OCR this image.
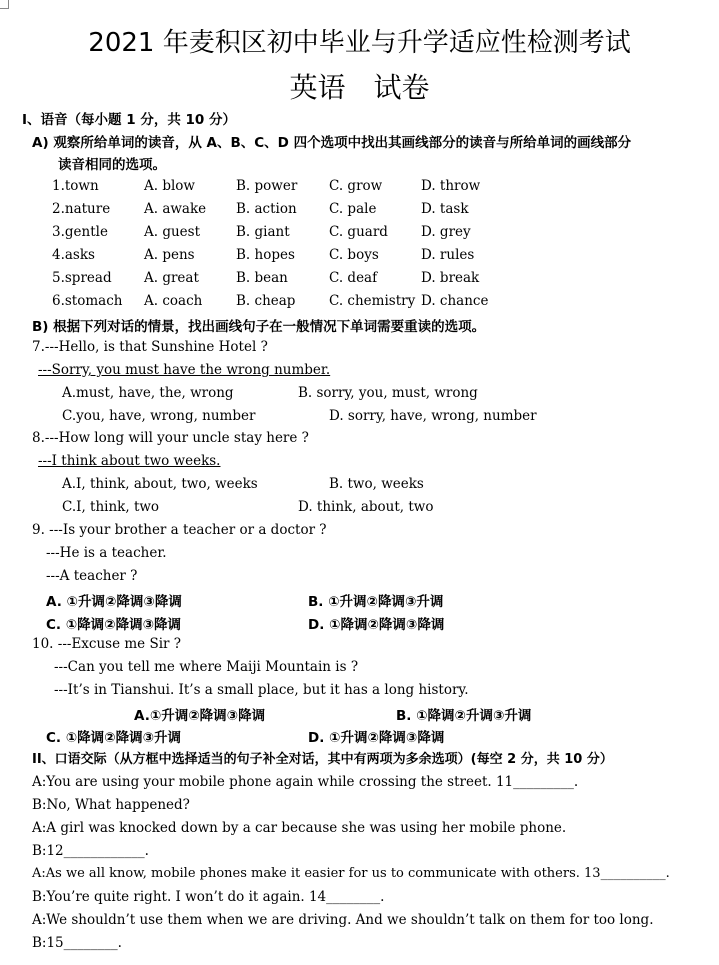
2021 年麦积区初中毕业与升学适应性检测考试
英语　试卷
I、语音（每小题 1 分，共 10 分）
A) 观察所给单词的读音，从 A、B、C、D 四个选项中找出其画线部分的读音与所给单词的画线部分
读音相同的选项。
1.town	A. blow	B. power C. grow	D. throw
2.nature	A. awake B. action C. pale	D. task
3.gentle	A. guest	B. giant	C. guard D. grey
4.asks	A. pens	B. hopes	C. boys	D. rules
5.spread A. great	B. bean	C. deaf	D. break
6.stomach A. coach B. cheap C. chemistry D. chance
B) 根据下列对话的情景，找出画线句子在一般情况下单词需要重读的选项。
7.---Hello, is that Sunshine Hotel ?
---Sorry, you must have the wrong number.
A.must, have, the, wrong	B. sorry, you, must, wrong
C.you, have, wrong, number	D. sorry, have, wrong, number
8.---How long will your uncle stay here ?
---I think about two weeks.
A.I, think, about, two, weeks	B. two, weeks
C.I, think, two	D. think, about, two
9. ---Is your brother a teacher or a doctor ?
---He is a teacher.
---A teacher ?
A. ①升调②降调③降调	B. ①升调②降调③升调
C. ①降调②降调③降调	D. ①降调②降调③降调
10. ---Excuse me Sir ?
---Can you tell me where Maiji Mountain is ?
---It’s in Tianshui. It’s a small place, but it has a long history.
A.①升调②降调③降调	B. ①降调②升调③升调
C. ①降调②降调③升调	D. ①升调②降调③降调
II、口语交际（从方框中选择适当的句子补全对话，其中有两项为多余选项）(每空 2 分，共 10 分）
A:You are using your mobile phone again while crossing the street. 11_________.
B:No, What happened?
A:A girl was knocked down by a car because she was using her mobile phone.
B:12____________.
A:As we all know, mobile phones make it easier for us to communicate with others. 13__________.
B:You’re quite right. I won’t do it again. 14________.
A:We shouldn’t use them when we are driving. And we shouldn’t talk on them for too long.
B:15________.
